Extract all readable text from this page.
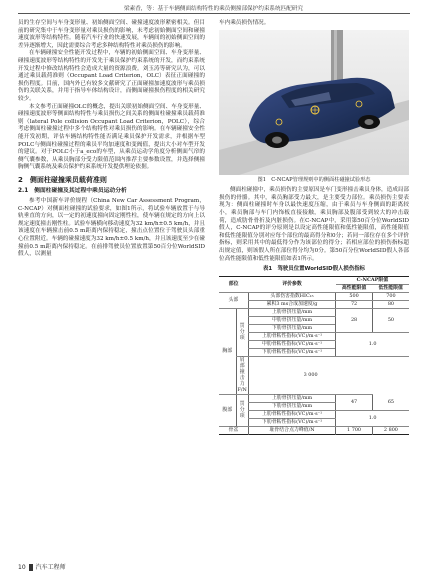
梁素香，等：基于车辆侧面结构特性的乘员侧撞部保护约束系统匹配研究

员的生存空间与车身变形量、初始侧面空间、碰撞速度波形紧密相关。但目前的研究集中于车身变形量对乘员损伤的影响，未考虑初始侧面空间和碰撞速度波形等结构特性。随着汽车行业的快速发展，车辆间的初始侧面空间的差异逐渐增大，因此需要综合考虑多种结构特性对乘员损伤的影响。

在车辆碰撞安全性能开发过程中，车辆的初始侧面空间、车身变形量、碰撞速度波形等结构特性的开发先于乘员保护约束系统的开发，而约束系统开发过程中修改结构特性会造成大量的资源浪费。刘玉涛等研究认为，可以通过乘员载荷准则（Occupant Load Criterion，OLC）表征正面碰撞的损伤程度。目前，国内外已有较多文献研究了正面碰撞加速度波形与乘员损伤的关联关系，并用于指导车体结构设计，而侧面碰撞损伤程度的相关研究较少。

本文参考正面碰撞OLC的概念，提出关联初始侧面空间、车身变形量、碰撞速度波形等侧面结构特性与乘员损伤之间关系的侧面柱碰撞乘员载荷准则（lateral Pole collision Occupant Load Criterion，POLC），综合考虑侧面柱碰撞过程中多个结构特性对乘员损伤的影响。在车辆碰撞安全性能开发初期，评估车辆结构特性能否满足乘员保护开发需求，并根据车型POLC与侧面柱碰撞过程的乘员平均加速度和变阀值，提出大小对车型开发的建议。对于POLC小于a_eco的车型，从乘员运动学角度分析侧面气帘的侧气囊参数，从乘员胸部分受力限值范围内推荐主要参数设置，并选择侧撞胸侧气囊系统及乘员保护约束系统开发提供理论依据。

2　侧面柱碰撞乘员载荷准则
2.1　侧面柱碰撞及其过程中乘员运动分析

参考中国新车评价规程（China New Car Assessment Program，C-NCAP）对侧面柱碰撞的试验要求，如图1所示，将试验车辆放置于与导轨垂直的方向，以一定的初速度撞向固定刚性柱，使车辆在规定的方向上以规定速度撞击刚性柱。试验车辆横向移动速度为32 km/h±0.5 km/h，并且该速度在车辆撞击前0.5 m距离内保持稳定，撞击点位置位于驾驶员头部重心位置附近。车辆的碰撞速度为32 km/h±0.5 km/h，并且该速度至少在碰撞前0.5 m距离内保持稳定。在前排驾驶员位置放置第50百分位WorldSID假人，以测量

车内乘员损伤情况。

图1　C-NCAP管理规则中的侧面柱碰撞试验形态

侧面柱碰撞中，乘员损伤的主要原因是车门变形撞击乘员身体，造成局部损伤的骨骼。其中，乘员胸部受力最大，是主要受力部位。乘员损伤主要表现为：侧面柱碰撞时车身以最快速度压缩，由于乘员与车身侧面的距离较小，乘员胸部与车门内饰板直接接触，乘员胸部及腹部受到较大的冲击载荷，造成肋骨骨折及内脏损伤。在C-NCAP中，采用第50百分位WorldSID假人，C-NCAP的评分原则是以设定高性能限值和低性能限值，高性能限值和低性能限值分别对应每个部位的最高得分和0分；若同一部位存在多个评价指标，则采用其中的最低得分作为该部位的得分；若相应部位的损伤指标超出规定值，则该假人所在部位得分均为0分。第50百分位WorldSID假人各部位高性能限值和低性能限值如表1所示。

表1　驾驶员位置WorldSID假人损伤指标
部位		评价参数	C-NCAP限值	
			高性能限值	低性能限值
头部		头部伤害指数HIC₁₅	500	700
		累积3 ms合成加速度/g	72	80
胸部	罚分项	上肋骨挤压量/mm	28	50
		中肋骨挤压量/mm		
		下肋骨挤压量/mm		
		上肋骨粘性指标(VC)/m·s⁻¹	1.0	
		中肋骨粘性指标(VC)/m·s⁻¹		
		下肋骨粘性指标(VC)/m·s⁻¹		
	肩部撞击力F/N	3 000		
腹部	罚分项	上肋骨挤压量/mm	47	65
		下肋骨挤压量/mm		
		上肋骨粘性指标(VC)/m·s⁻¹	1.0	
		下肋骨粘性指标(VC)/m·s⁻¹		
骨盆		耻骨结合点力峰值/N	1 700	2 800
10 汽车工程师
